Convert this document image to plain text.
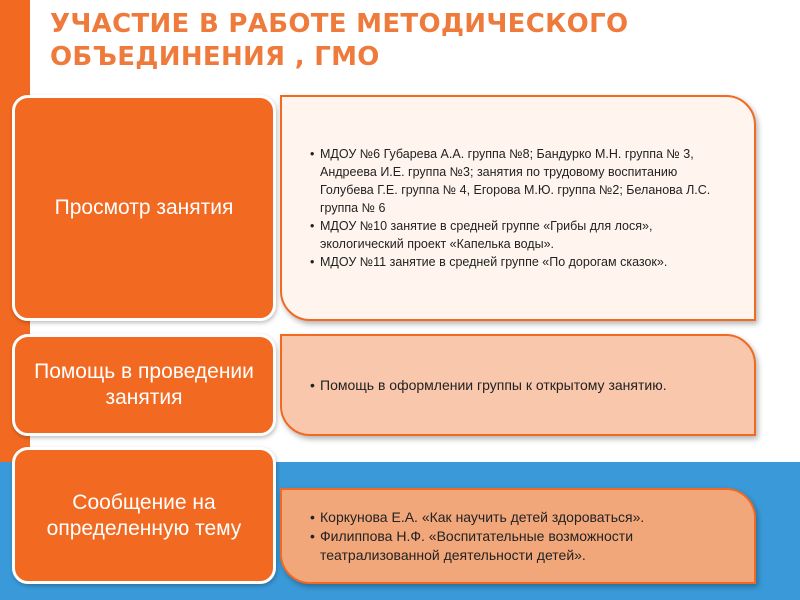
УЧАСТИЕ В РАБОТЕ МЕТОДИЧЕСКОГО ОБЪЕДИНЕНИЯ , ГМО
Просмотр занятия
• МДОУ №6 Губарева А.А. группа №8; Бандурко М.Н. группа № 3, Андреева И.Е. группа №3; занятия по трудовому воспитанию Голубева Г.Е. группа № 4, Егорова М.Ю. группа №2; Беланова Л.С. группа № 6
• МДОУ №10 занятие в средней группе «Грибы для лося», экологический проект «Капелька воды».
• МДОУ №11 занятие в средней группе «По дорогам сказок».
Помощь в проведении занятия
• Помощь в оформлении группы к открытому занятию.
Сообщение на определенную тему
•	Коркунова Е.А. «Как научить детей здороваться».
• Филиппова Н.Ф. «Воспитательные возможности театрализованной деятельности детей».
